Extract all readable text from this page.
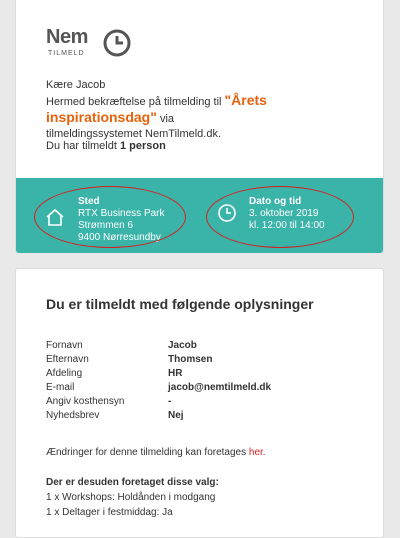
Nem
TILMELD

Kære Jacob

Hermed bekræftelse på tilmelding til "Årets inspirationsdag" via

tilmeldingssystemet NemTilmeld.dk.

Du har tilmeldt 1 person
Sted
RTX Business Park
Strømmen 6
9400 Nørresundby
Dato og tid
3. oktober 2019
kl. 12:00 til 14:00
Du er tilmeldt med følgende oplysninger
Fornavn	Jacob
Efternavn	Thomsen
Afdeling	HR
E-mail	jacob@nemtilmeld.dk
Angiv kosthensyn	-
Nyhedsbrev	Nej
Ændringer for denne tilmelding kan foretages her.
Der er desuden foretaget disse valg:
1 x Workshops: Holdånden i modgang
1 x Deltager i festmiddag: Ja
